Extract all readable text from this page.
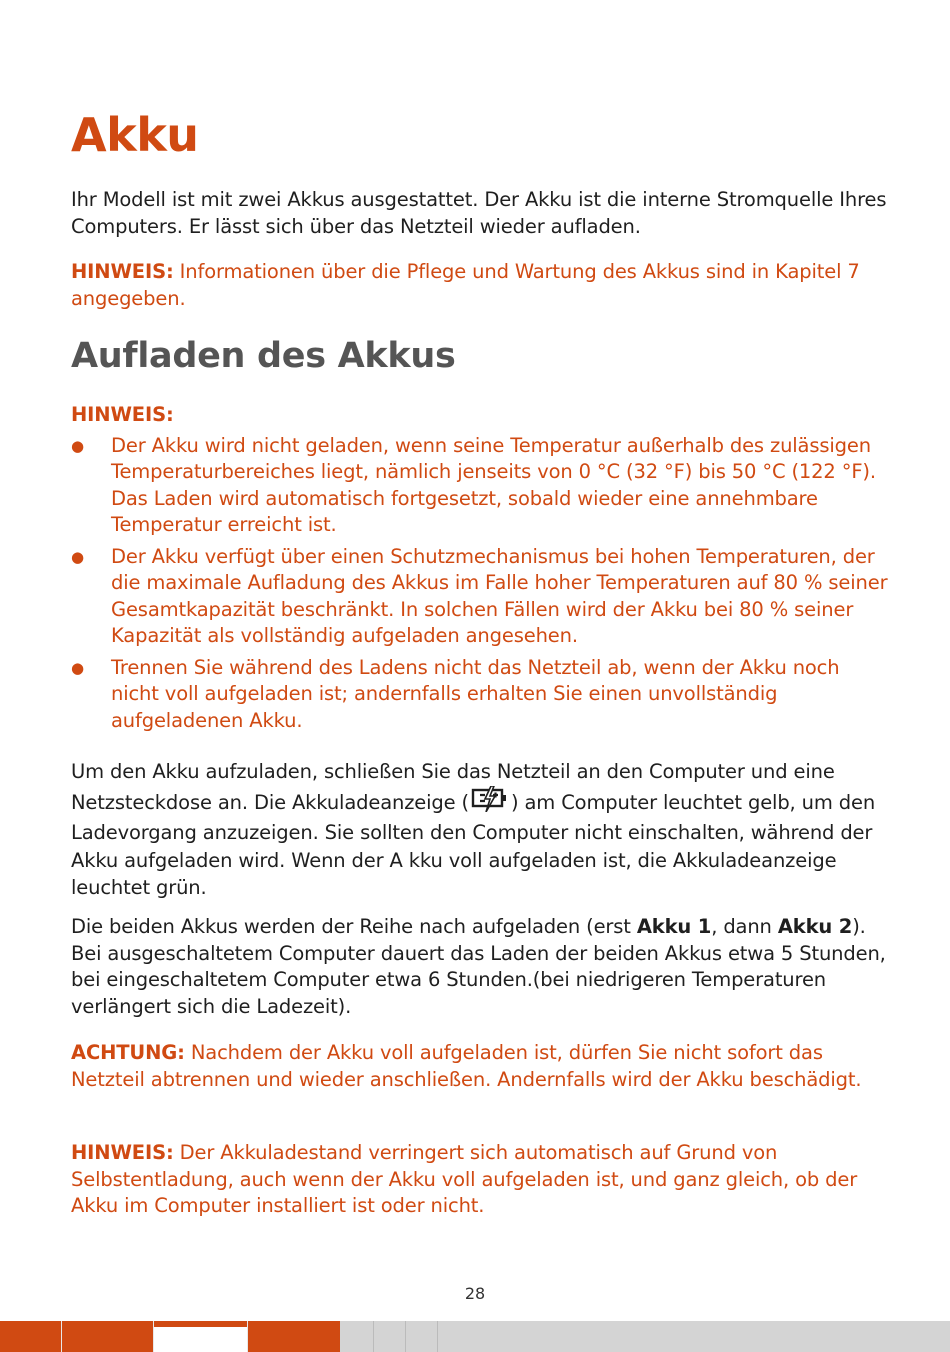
Akku

Ihr Modell ist mit zwei Akkus ausgestattet. Der Akku ist die interne Stromquelle Ihres Computers. Er lässt sich über das Netzteil wieder aufladen.

HINWEIS: Informationen über die Pflege und Wartung des Akkus sind in Kapitel 7 angegeben.

Aufladen des Akkus

HINWEIS:

● Der Akku wird nicht geladen, wenn seine Temperatur außerhalb des zulässigen Temperaturbereiches liegt, nämlich jenseits von 0 °C (32 °F) bis 50 °C (122 °F). Das Laden wird automatisch fortgesetzt, sobald wieder eine annehmbare Temperatur erreicht ist.
● Der Akku verfügt über einen Schutzmechanismus bei hohen Temperaturen, der die maximale Aufladung des Akkus im Falle hoher Temperaturen auf 80 % seiner Gesamtkapazität beschränkt. In solchen Fällen wird der Akku bei 80 % seiner Kapazität als vollständig aufgeladen angesehen.
● Trennen Sie während des Ladens nicht das Netzteil ab, wenn der Akku noch nicht voll aufgeladen ist; andernfalls erhalten Sie einen unvollständig aufgeladenen Akku.

Um den Akku aufzuladen, schließen Sie das Netzteil an den Computer und eine Netzsteckdose an. Die Akkuladeanzeige ( ) am Computer leuchtet gelb, um den Ladevorgang anzuzeigen. Sie sollten den Computer nicht einschalten, während der Akku aufgeladen wird. Wenn der A kku voll aufgeladen ist, die Akkuladeanzeige leuchtet grün.

Die beiden Akkus werden der Reihe nach aufgeladen (erst Akku 1, dann Akku 2). Bei ausgeschaltetem Computer dauert das Laden der beiden Akkus etwa 5 Stunden, bei eingeschaltetem Computer etwa 6 Stunden.(bei niedrigeren Temperaturen verlängert sich die Ladezeit).

ACHTUNG: Nachdem der Akku voll aufgeladen ist, dürfen Sie nicht sofort das Netzteil abtrennen und wieder anschließen. Andernfalls wird der Akku beschädigt.

HINWEIS: Der Akkuladestand verringert sich automatisch auf Grund von Selbstentladung, auch wenn der Akku voll aufgeladen ist, und ganz gleich, ob der Akku im Computer installiert ist oder nicht.

28
